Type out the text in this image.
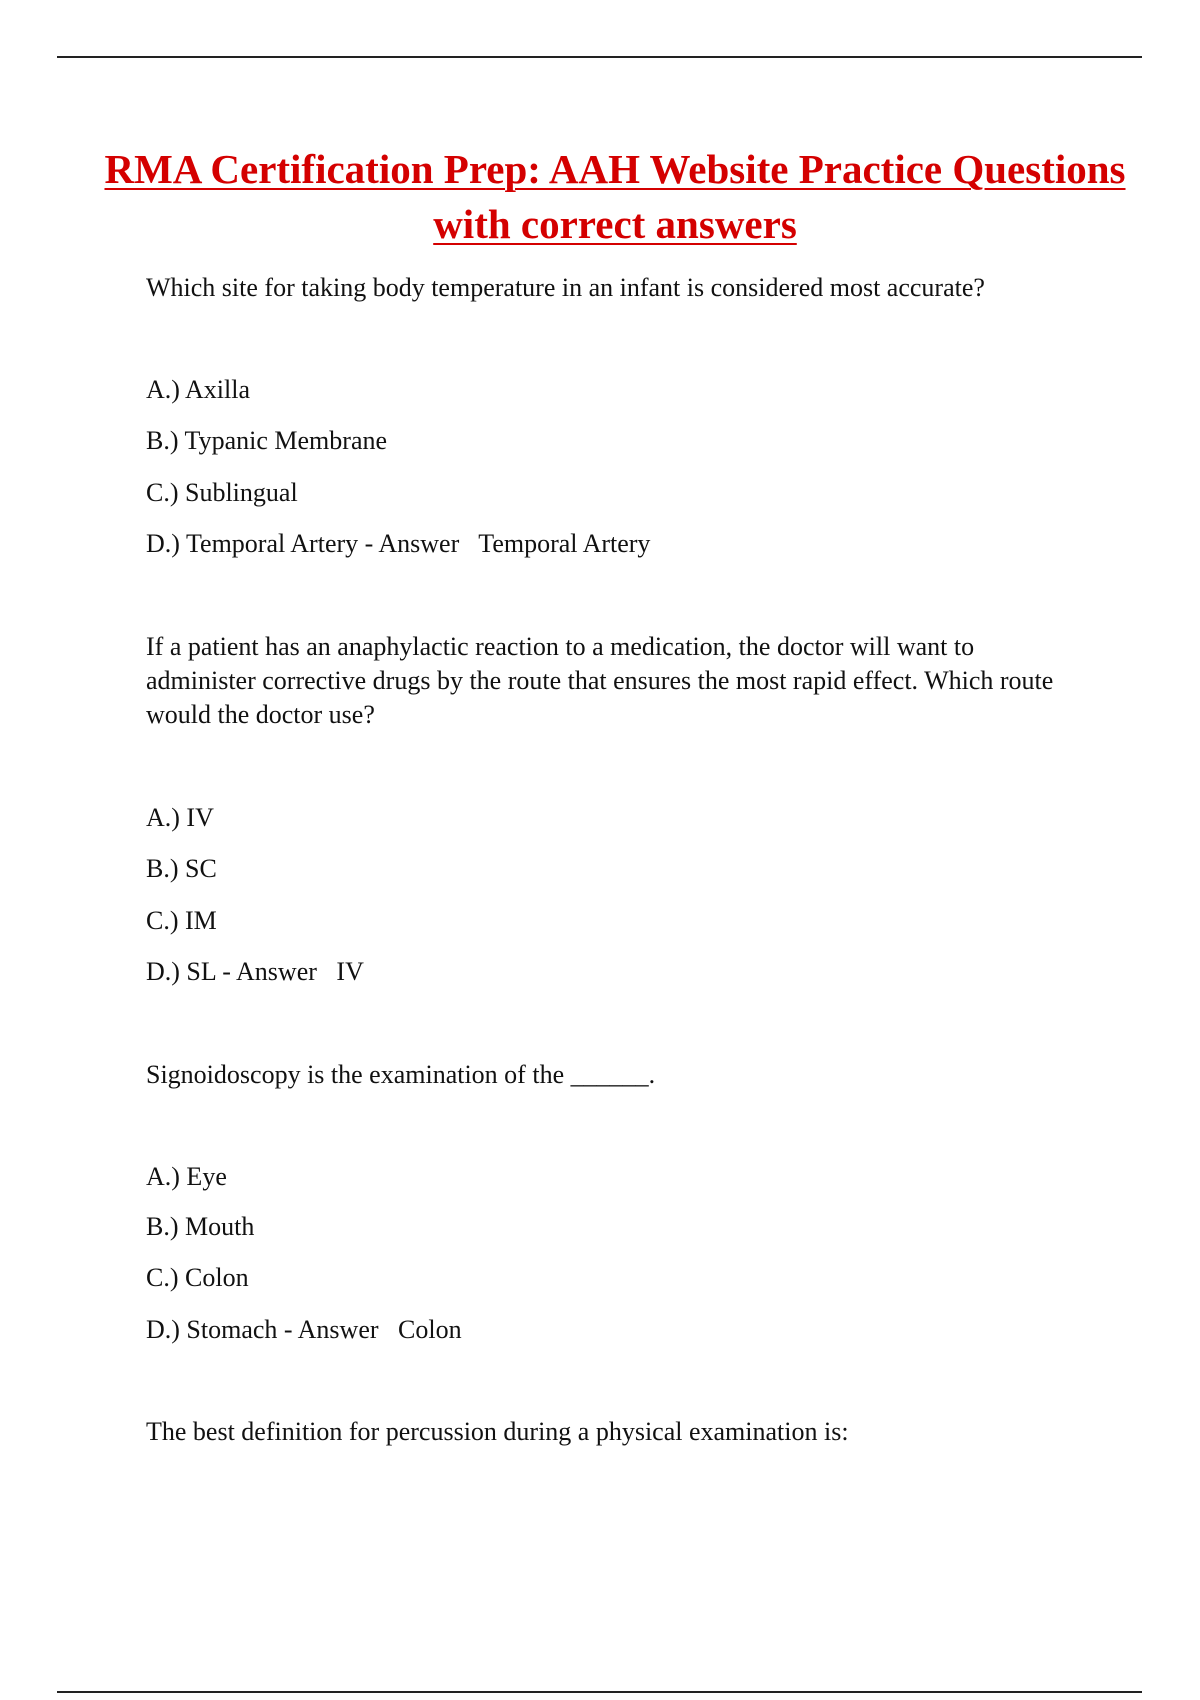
RMA Certification Prep: AAH Website Practice Questions with correct answers
Which site for taking body temperature in an infant is considered most accurate?
A.) Axilla
B.) Typanic Membrane
C.) Sublingual
D.) Temporal Artery - Answer   Temporal Artery
If a patient has an anaphylactic reaction to a medication, the doctor will want to administer corrective drugs by the route that ensures the most rapid effect. Which route would the doctor use?
A.) IV
B.) SC
C.) IM
D.) SL - Answer   IV
Signoidoscopy is the examination of the ______.
A.) Eye
B.) Mouth
C.) Colon
D.) Stomach - Answer   Colon
The best definition for percussion during a physical examination is:
